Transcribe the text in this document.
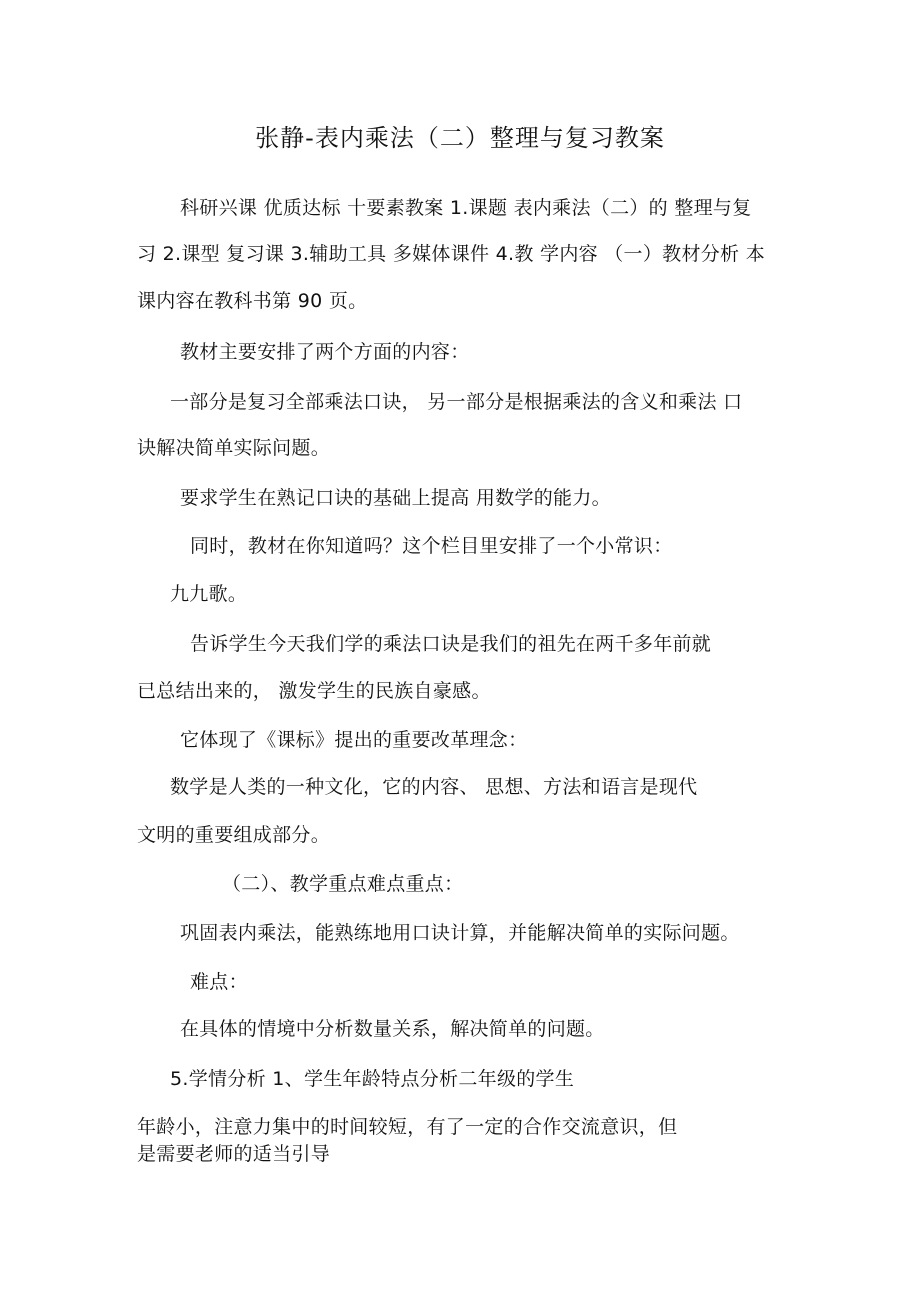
张静-表内乘法（二）整理与复习教案
科研兴课 优质达标 十要素教案 1.课题 表内乘法（二）的 整理与复
习 2.课型 复习课 3.辅助工具 多媒体课件 4.教 学内容 （一）教材分析 本
课内容在教科书第 90 页。
教材主要安排了两个方面的内容：
一部分是复习全部乘法口诀， 另一部分是根据乘法的含义和乘法 口
诀解决简单实际问题。
要求学生在熟记口诀的基础上提高 用数学的能力。
同时，教材在你知道吗？这个栏目里安排了一个小常识：
九九歌。
告诉学生今天我们学的乘法口诀是我们的祖先在两千多年前就
已总结出来的， 激发学生的民族自豪感。
它体现了《课标》提出的重要改革理念：
数学是人类的一种文化，它的内容、 思想、方法和语言是现代
文明的重要组成部分。
（二）、教学重点难点重点：
巩固表内乘法，能熟练地用口诀计算，并能解决简单的实际问题。
难点：
在具体的情境中分析数量关系，解决简单的问题。
5.学情分析 1、学生年龄特点分析二年级的学生
年龄小，注意力集中的时间较短，有了一定的合作交流意识，但
是需要老师的适当引导
